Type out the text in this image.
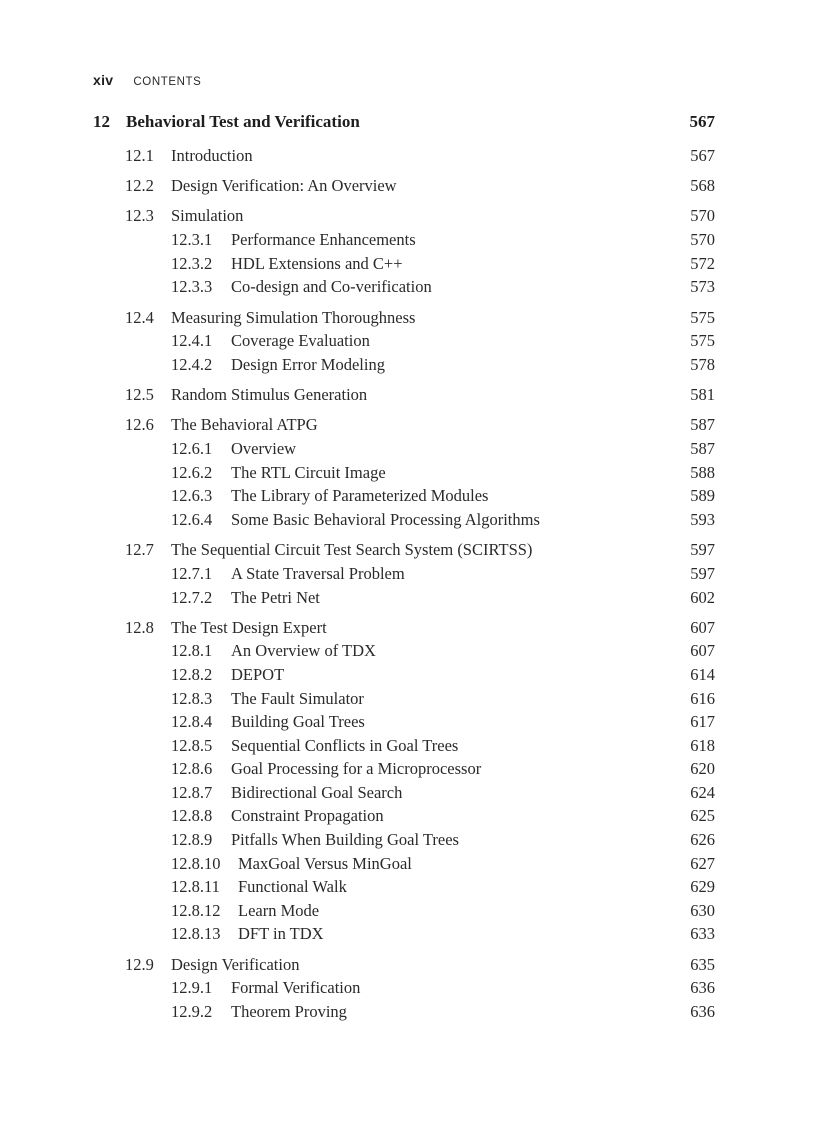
xiv CONTENTS
12 Behavioral Test and Verification	567
12.1 Introduction	567
12.2 Design Verification: An Overview	568
12.3 Simulation	570
12.3.1 Performance Enhancements	570
12.3.2 HDL Extensions and C++	572
12.3.3 Co-design and Co-verification	573
12.4 Measuring Simulation Thoroughness	575
12.4.1 Coverage Evaluation	575
12.4.2 Design Error Modeling	578
12.5 Random Stimulus Generation	581
12.6 The Behavioral ATPG	587
12.6.1 Overview	587
12.6.2 The RTL Circuit Image	588
12.6.3 The Library of Parameterized Modules	589
12.6.4 Some Basic Behavioral Processing Algorithms	593
12.7 The Sequential Circuit Test Search System (SCIRTSS)	597
12.7.1 A State Traversal Problem	597
12.7.2 The Petri Net	602
12.8 The Test Design Expert	607
12.8.1 An Overview of TDX	607
12.8.2 DEPOT	614
12.8.3 The Fault Simulator	616
12.8.4 Building Goal Trees	617
12.8.5 Sequential Conflicts in Goal Trees	618
12.8.6 Goal Processing for a Microprocessor	620
12.8.7 Bidirectional Goal Search	624
12.8.8 Constraint Propagation	625
12.8.9 Pitfalls When Building Goal Trees	626
12.8.10 MaxGoal Versus MinGoal	627
12.8.11 Functional Walk	629
12.8.12 Learn Mode	630
12.8.13 DFT in TDX	633
12.9 Design Verification	635
12.9.1 Formal Verification	636
12.9.2 Theorem Proving	636
